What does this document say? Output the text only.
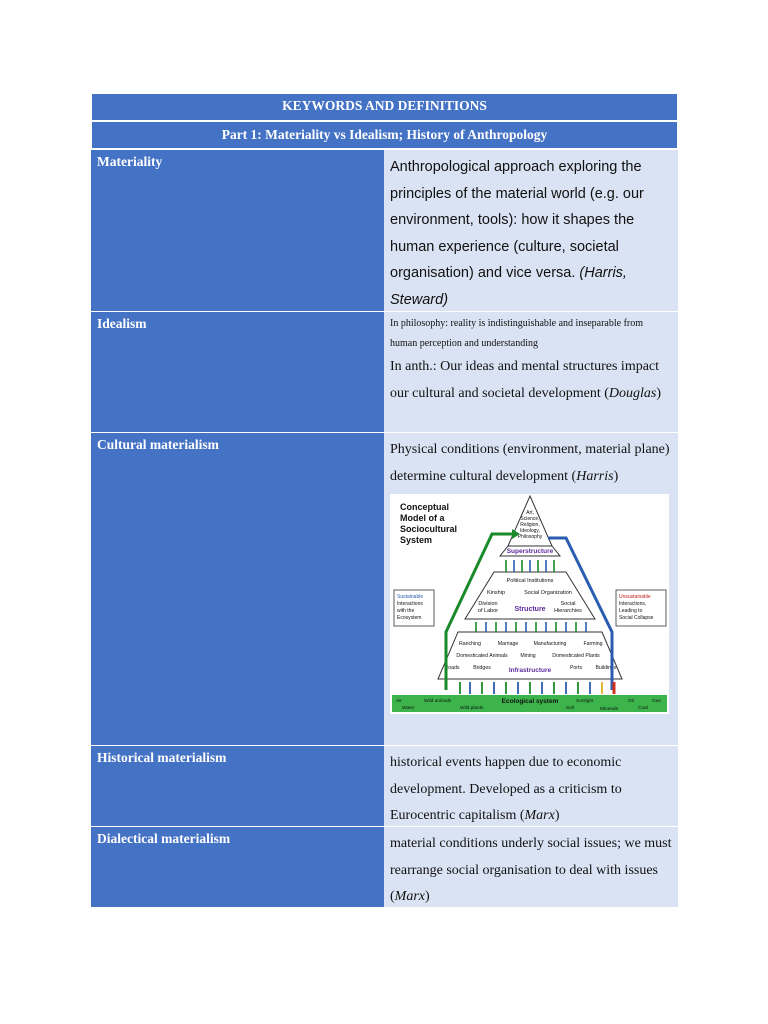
KEYWORDS AND DEFINITIONS
Part 1: Materiality vs Idealism; History of Anthropology
Materiality	Anthropological approach exploring the principles of the material world (e.g. our environment, tools): how it shapes the human experience (culture, societal organisation) and vice versa. (Harris, Steward)
Idealism	In philosophy: reality is indistinguishable and inseparable from human perception and understanding
In anth.: Our ideas and mental structures impact our cultural and societal development (Douglas)
Cultural materialism	Physical conditions (environment, material plane) determine cultural development (Harris)
Conceptual
Model of a
Sociocultural
System
Art,
Science,
Religion,
Ideology,
Philosophy
Superstructure
Political Institutions
Kinship	Social Organization
Division
of Labor Structure
Social
Hierarchies
Ranching	Marriage	Manufacturing	Farming
Domesticated Animals Mining	Domesticated Plants
Roads	Bridges	Infrastructure	Ports	Buildings
Sustainable
Interactions
with the
Ecosystem
Unsustainable
Interactions,
Leading to
Social Collapse
Ecological system
Air	Wild animals	Sunlight	Oil	Gas
Water	Wild plants	Soil	Minerals	Coal
Historical materialism	historical events happen due to economic development. Developed as a criticism to Eurocentric capitalism (Marx)
Dialectical materialism	material conditions underly social issues; we must rearrange social organisation to deal with issues (Marx)
